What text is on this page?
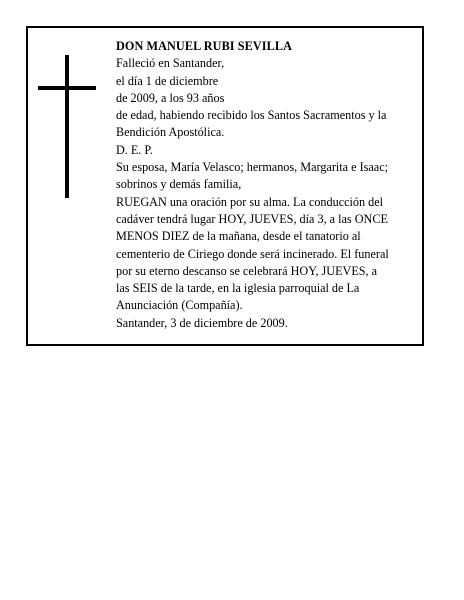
DON MANUEL RUBI SEVILLA
Falleció en Santander,
el día 1 de diciembre
de 2009, a los 93 años
de edad, habiendo recibido los Santos Sacramentos y la
Bendición Apostólica.
D. E. P.
Su esposa, María Velasco; hermanos, Margarita e Isaac;
sobrinos y demás familia,
RUEGAN una oración por su alma. La conducción del
cadáver tendrá lugar HOY, JUEVES, día 3, a las ONCE
MENOS DIEZ de la mañana, desde el tanatorio al
cementerio de Ciriego donde será incinerado. El funeral
por su eterno descanso se celebrará HOY, JUEVES, a
las SEIS de la tarde, en la iglesia parroquial de La
Anunciación (Compañía).
Santander, 3 de diciembre de 2009.
